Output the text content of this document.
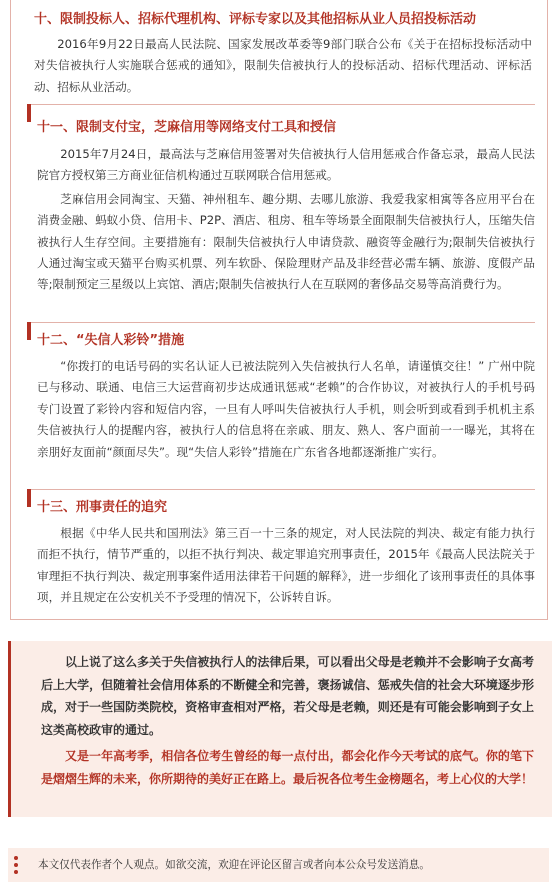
十、限制投标人、招标代理机构、评标专家以及其他招标从业人员招投标活动
2016年9月22日最高人民法院、国家发展改革委等9部门联合公布《关于在招标投标活动中对失信被执行人实施联合惩戒的通知》，限制失信被执行人的投标活动、招标代理活动、评标活动、招标从业活动。
十一、限制支付宝，芝麻信用等网络支付工具和授信
2015年7月24日，最高法与芝麻信用签署对失信被执行人信用惩戒合作备忘录，最高人民法院官方授权第三方商业征信机构通过互联网联合信用惩戒。
芝麻信用会同淘宝、天猫、神州租车、趣分期、去哪儿旅游、我爱我家相寓等各应用平台在消费金融、蚂蚁小贷、信用卡、P2P、酒店、租房、租车等场景全面限制失信被执行人，压缩失信被执行人生存空间。主要措施有：限制失信被执行人申请贷款、融资等金融行为;限制失信被执行人通过淘宝或天猫平台购买机票、列车软卧、保险理财产品及非经营必需车辆、旅游、度假产品等;限制预定三星级以上宾馆、酒店;限制失信被执行人在互联网的奢侈品交易等高消费行为。
十二、“失信人彩铃”措施
“你拨打的电话号码的实名认证人已被法院列入失信被执行人名单，请谨慎交往！” 广州中院已与移动、联通、电信三大运营商初步达成通讯惩戒“老赖”的合作协议，对被执行人的手机号码专门设置了彩铃内容和短信内容，一旦有人呼叫失信被执行人手机，则会听到或看到手机机主系失信被执行人的提醒内容，被执行人的信息将在亲戚、朋友、熟人、客户面前一一曝光，其将在亲朋好友面前“颜面尽失”。现“失信人彩铃”措施在广东省各地都逐渐推广实行。
十三、刑事责任的追究
根据《中华人民共和国刑法》第三百一十三条的规定，对人民法院的判决、裁定有能力执行而拒不执行，情节严重的，以拒不执行判决、裁定罪追究刑事责任，2015年《最高人民法院关于审理拒不执行判决、裁定刑事案件适用法律若干问题的解释》，进一步细化了该刑事责任的具体事项，并且规定在公安机关不予受理的情况下，公诉转自诉。

以上说了这么多关于失信被执行人的法律后果，可以看出父母是老赖并不会影响子女高考后上大学，但随着社会信用体系的不断健全和完善，褒扬诚信、惩戒失信的社会大环境逐步形成，对于一些国防类院校，资格审查相对严格，若父母是老赖，则还是有可能会影响到子女上这类高校政审的通过。

又是一年高考季，相信各位考生曾经的每一点付出，都会化作今天考试的底气。你的笔下是熠熠生辉的未来，你所期待的美好正在路上。最后祝各位考生金榜题名，考上心仪的大学！

本文仅代表作者个人观点。如欲交流，欢迎在评论区留言或者向本公众号发送消息。
